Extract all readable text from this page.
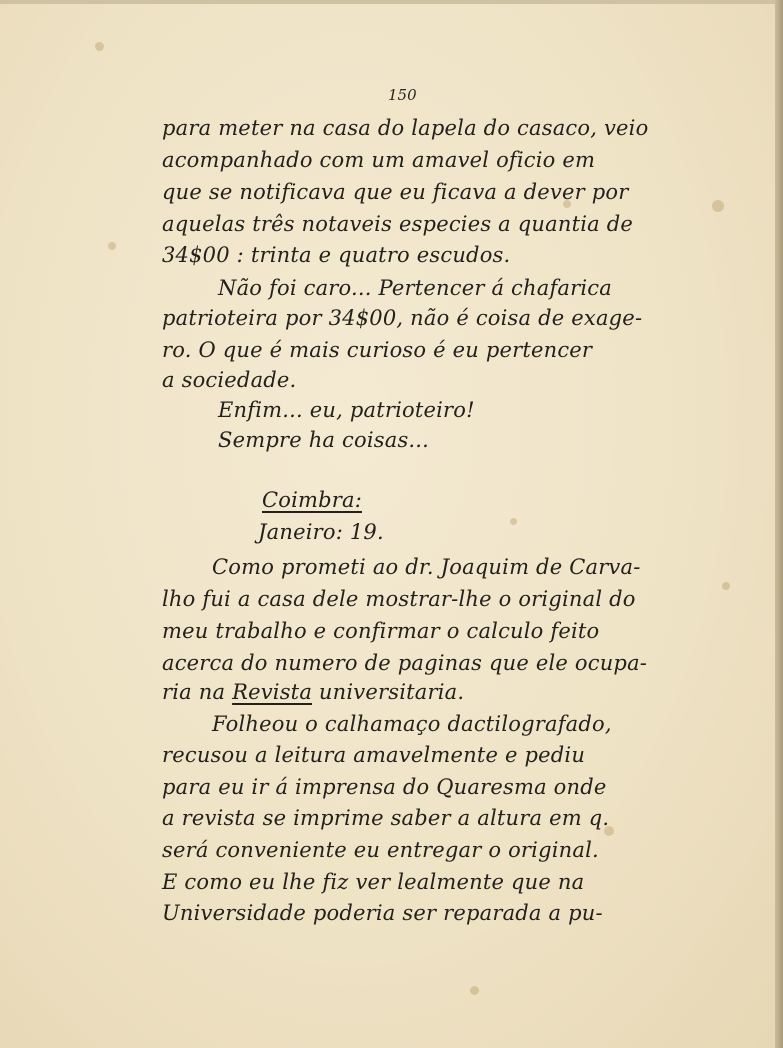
150
para meter na casa do lapela do casaco, veio
acompanhado com um amavel oficio em
que se notificava que eu ficava a dever por
aquelas três notaveis especies a quantia de
34$00 : trinta e quatro escudos.
Não foi caro... Pertencer á chafarica
patrioteira por 34$00, não é coisa de exage-
ro. O que é mais curioso é eu pertencer
a sociedade.
Enfim... eu, patrioteiro!
Sempre ha coisas...
Coimbra:
Janeiro: 19.
Como prometi ao dr. Joaquim de Carva-
lho fui a casa dele mostrar-lhe o original do
meu trabalho e confirmar o calculo feito
acerca do numero de paginas que ele ocupa-
ria na Revista universitaria.
Folheou o calhamaço dactilografado,
recusou a leitura amavelmente e pediu
para eu ir á imprensa do Quaresma onde
a revista se imprime saber a altura em q.
será conveniente eu entregar o original.
E como eu lhe fiz ver lealmente que na
Universidade poderia ser reparada a pu-
